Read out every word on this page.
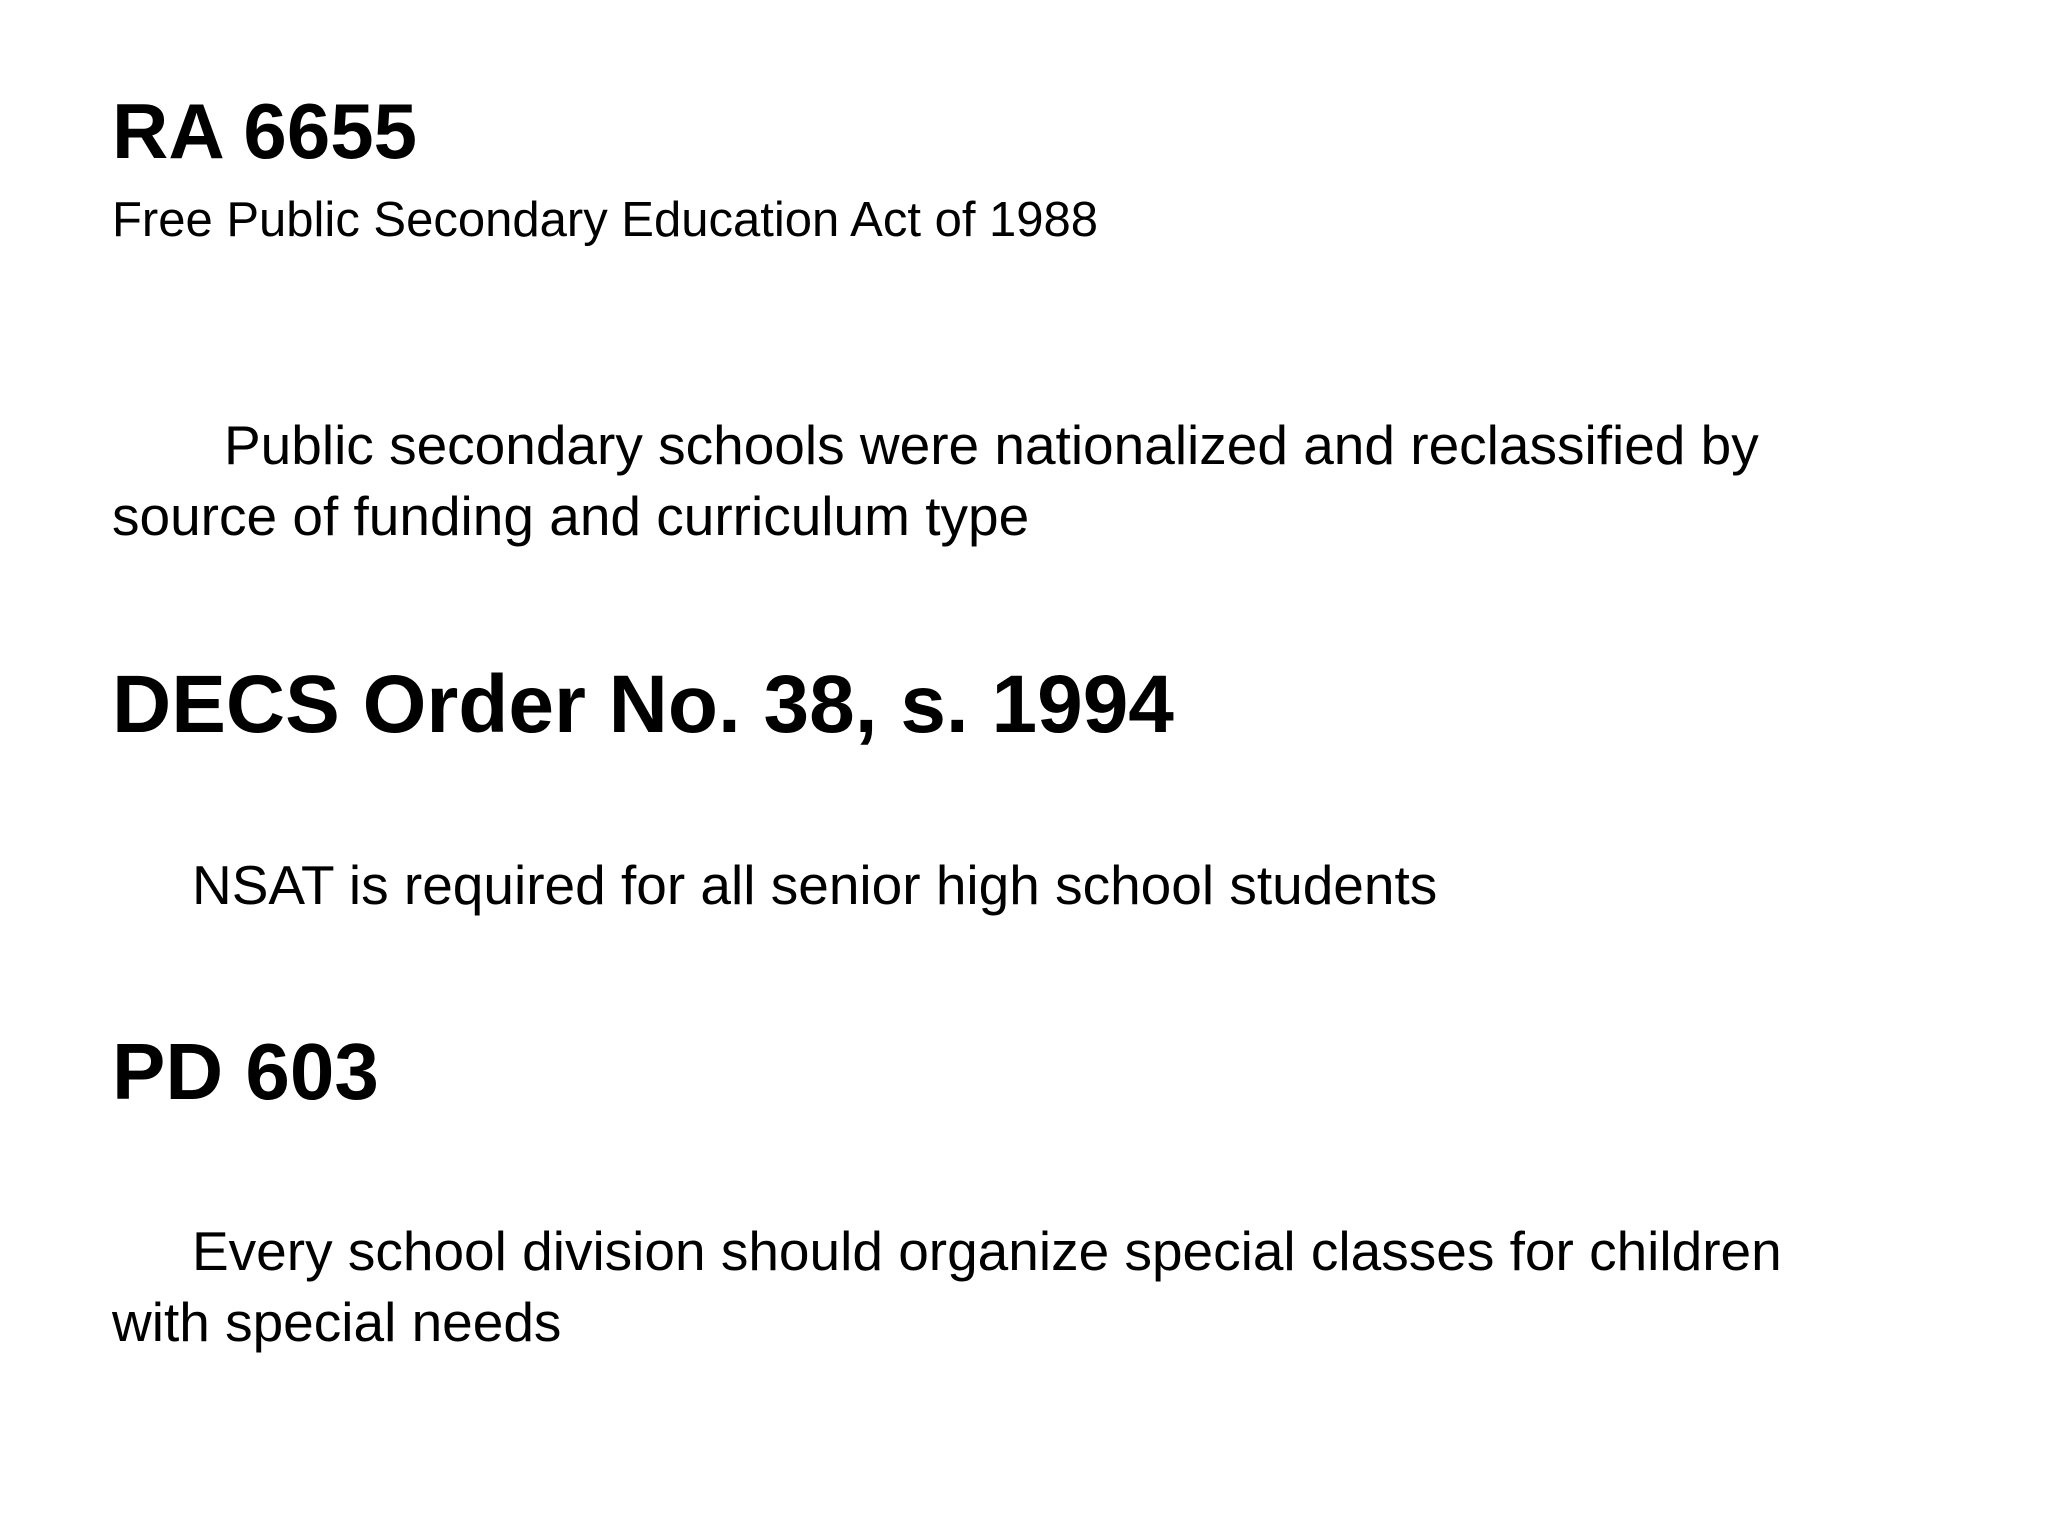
RA 6655

Free Public Secondary Education Act of 1988

Public secondary schools were nationalized and reclassified by source of funding and curriculum type

DECS Order No. 38, s. 1994

NSAT is required for all senior high school students

PD 603

Every school division should organize special classes for children with special needs
